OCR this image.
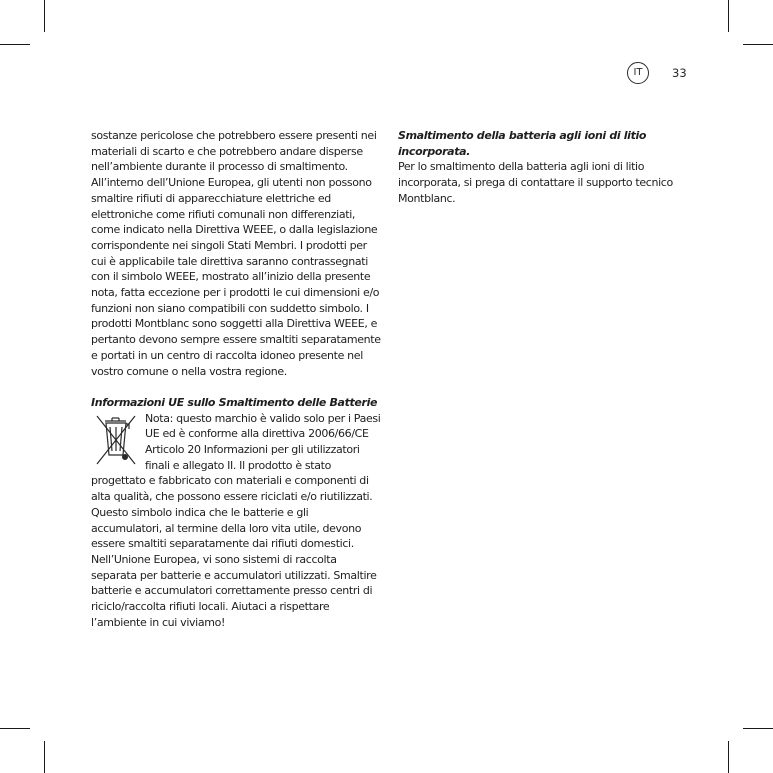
IT	33

sostanze pericolose che potrebbero essere presenti nei materiali di scarto e che potrebbero andare disperse nell’ambiente durante il processo di smaltimento. All’interno dell’Unione Europea, gli utenti non possono smaltire rifiuti di apparecchiature elettriche ed elettroniche come rifiuti comunali non differenziati, come indicato nella Direttiva WEEE, o dalla legislazione corrispondente nei singoli Stati Membri. I prodotti per cui è applicabile tale direttiva saranno contrassegnati con il simbolo WEEE, mostrato all’inizio della presente nota, fatta eccezione per i prodotti le cui dimensioni e/o funzioni non siano compatibili con suddetto simbolo. I prodotti Montblanc sono soggetti alla Direttiva WEEE, e pertanto devono sempre essere smaltiti separatamente e portati in un centro di raccolta idoneo presente nel vostro comune o nella vostra regione.

Informazioni UE sullo Smaltimento delle Batterie

Nota: questo marchio è valido solo per i Paesi UE ed è conforme alla direttiva 2006/66/CE Articolo 20 Informazioni per gli utilizzatori finali e allegato II. Il prodotto è stato progettato e fabbricato con materiali e componenti di alta qualità, che possono essere riciclati e/o riutilizzati. Questo simbolo indica che le batterie e gli accumulatori, al termine della loro vita utile, devono essere smaltiti separatamente dai rifiuti domestici. Nell’Unione Europea, vi sono sistemi di raccolta separata per batterie e accumulatori utilizzati. Smaltire batterie e accumulatori correttamente presso centri di riciclo/raccolta rifiuti locali. Aiutaci a rispettare l’ambiente in cui viviamo!

Smaltimento della batteria agli ioni di litio incorporata.

Per lo smaltimento della batteria agli ioni di litio incorporata, si prega di contattare il supporto tecnico Montblanc.
